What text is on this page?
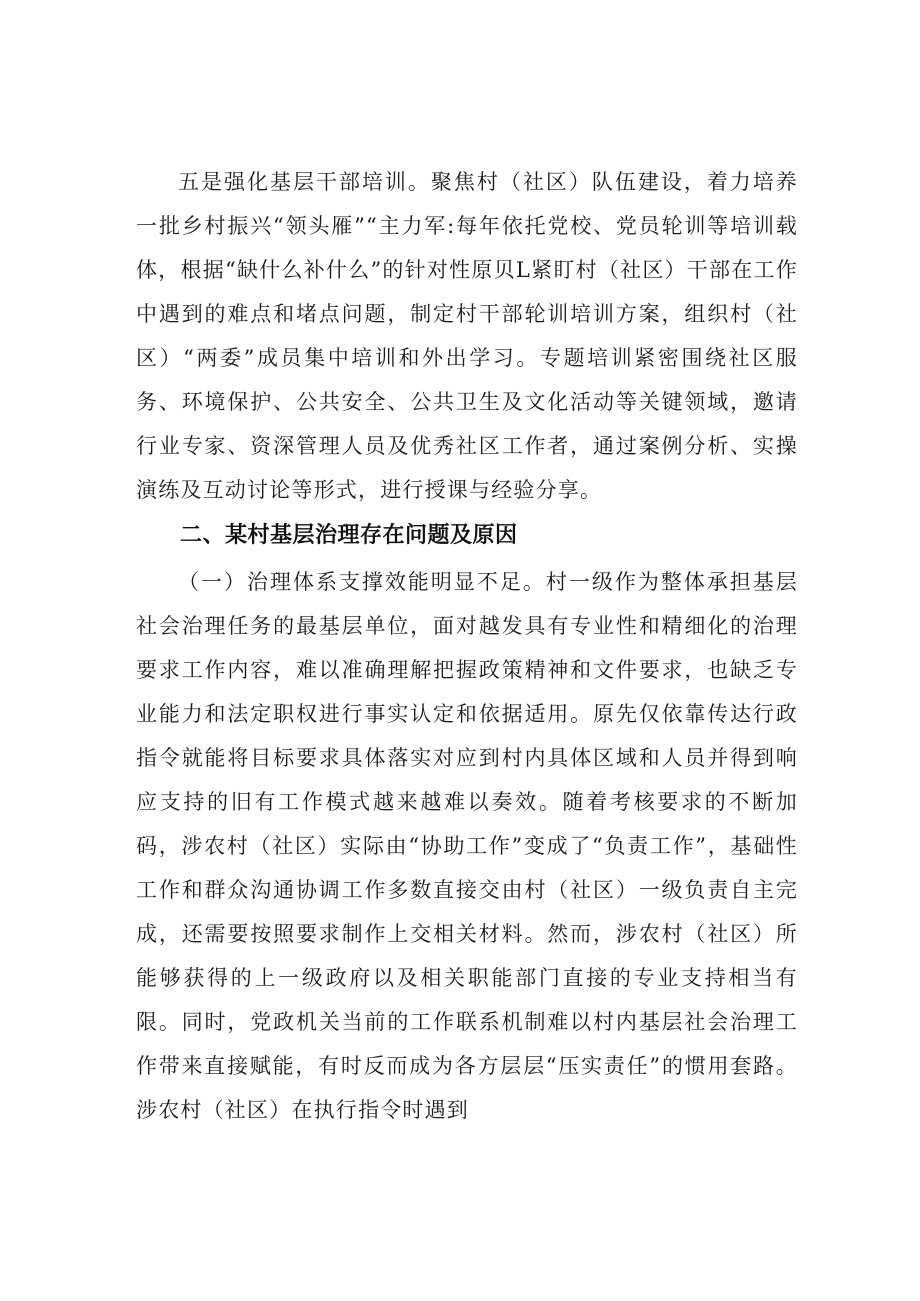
五是强化基层干部培训。聚焦村（社区）队伍建设，着力培养一批乡村振兴“领头雁”“主力军:每年依托党校、党员轮训等培训载体，根据“缺什么补什么”的针对性原贝L紧盯村（社区）干部在工作中遇到的难点和堵点问题，制定村干部轮训培训方案，组织村（社区）“两委”成员集中培训和外出学习。专题培训紧密围绕社区服务、环境保护、公共安全、公共卫生及文化活动等关键领域，邀请行业专家、资深管理人员及优秀社区工作者，通过案例分析、实操演练及互动讨论等形式，进行授课与经验分享。

二、某村基层治理存在问题及原因

（一）治理体系支撑效能明显不足。村一级作为整体承担基层社会治理任务的最基层单位，面对越发具有专业性和精细化的治理要求工作内容，难以准确理解把握政策精神和文件要求，也缺乏专业能力和法定职权进行事实认定和依据适用。原先仅依靠传达行政指令就能将目标要求具体落实对应到村内具体区域和人员并得到响应支持的旧有工作模式越来越难以奏效。随着考核要求的不断加码，涉农村（社区）实际由“协助工作”变成了“负责工作”，基础性工作和群众沟通协调工作多数直接交由村（社区）一级负责自主完成，还需要按照要求制作上交相关材料。然而，涉农村（社区）所能够获得的上一级政府以及相关职能部门直接的专业支持相当有限。同时，党政机关当前的工作联系机制难以村内基层社会治理工作带来直接赋能，有时反而成为各方层层“压实责任”的惯用套路。涉农村（社区）在执行指令时遇到
